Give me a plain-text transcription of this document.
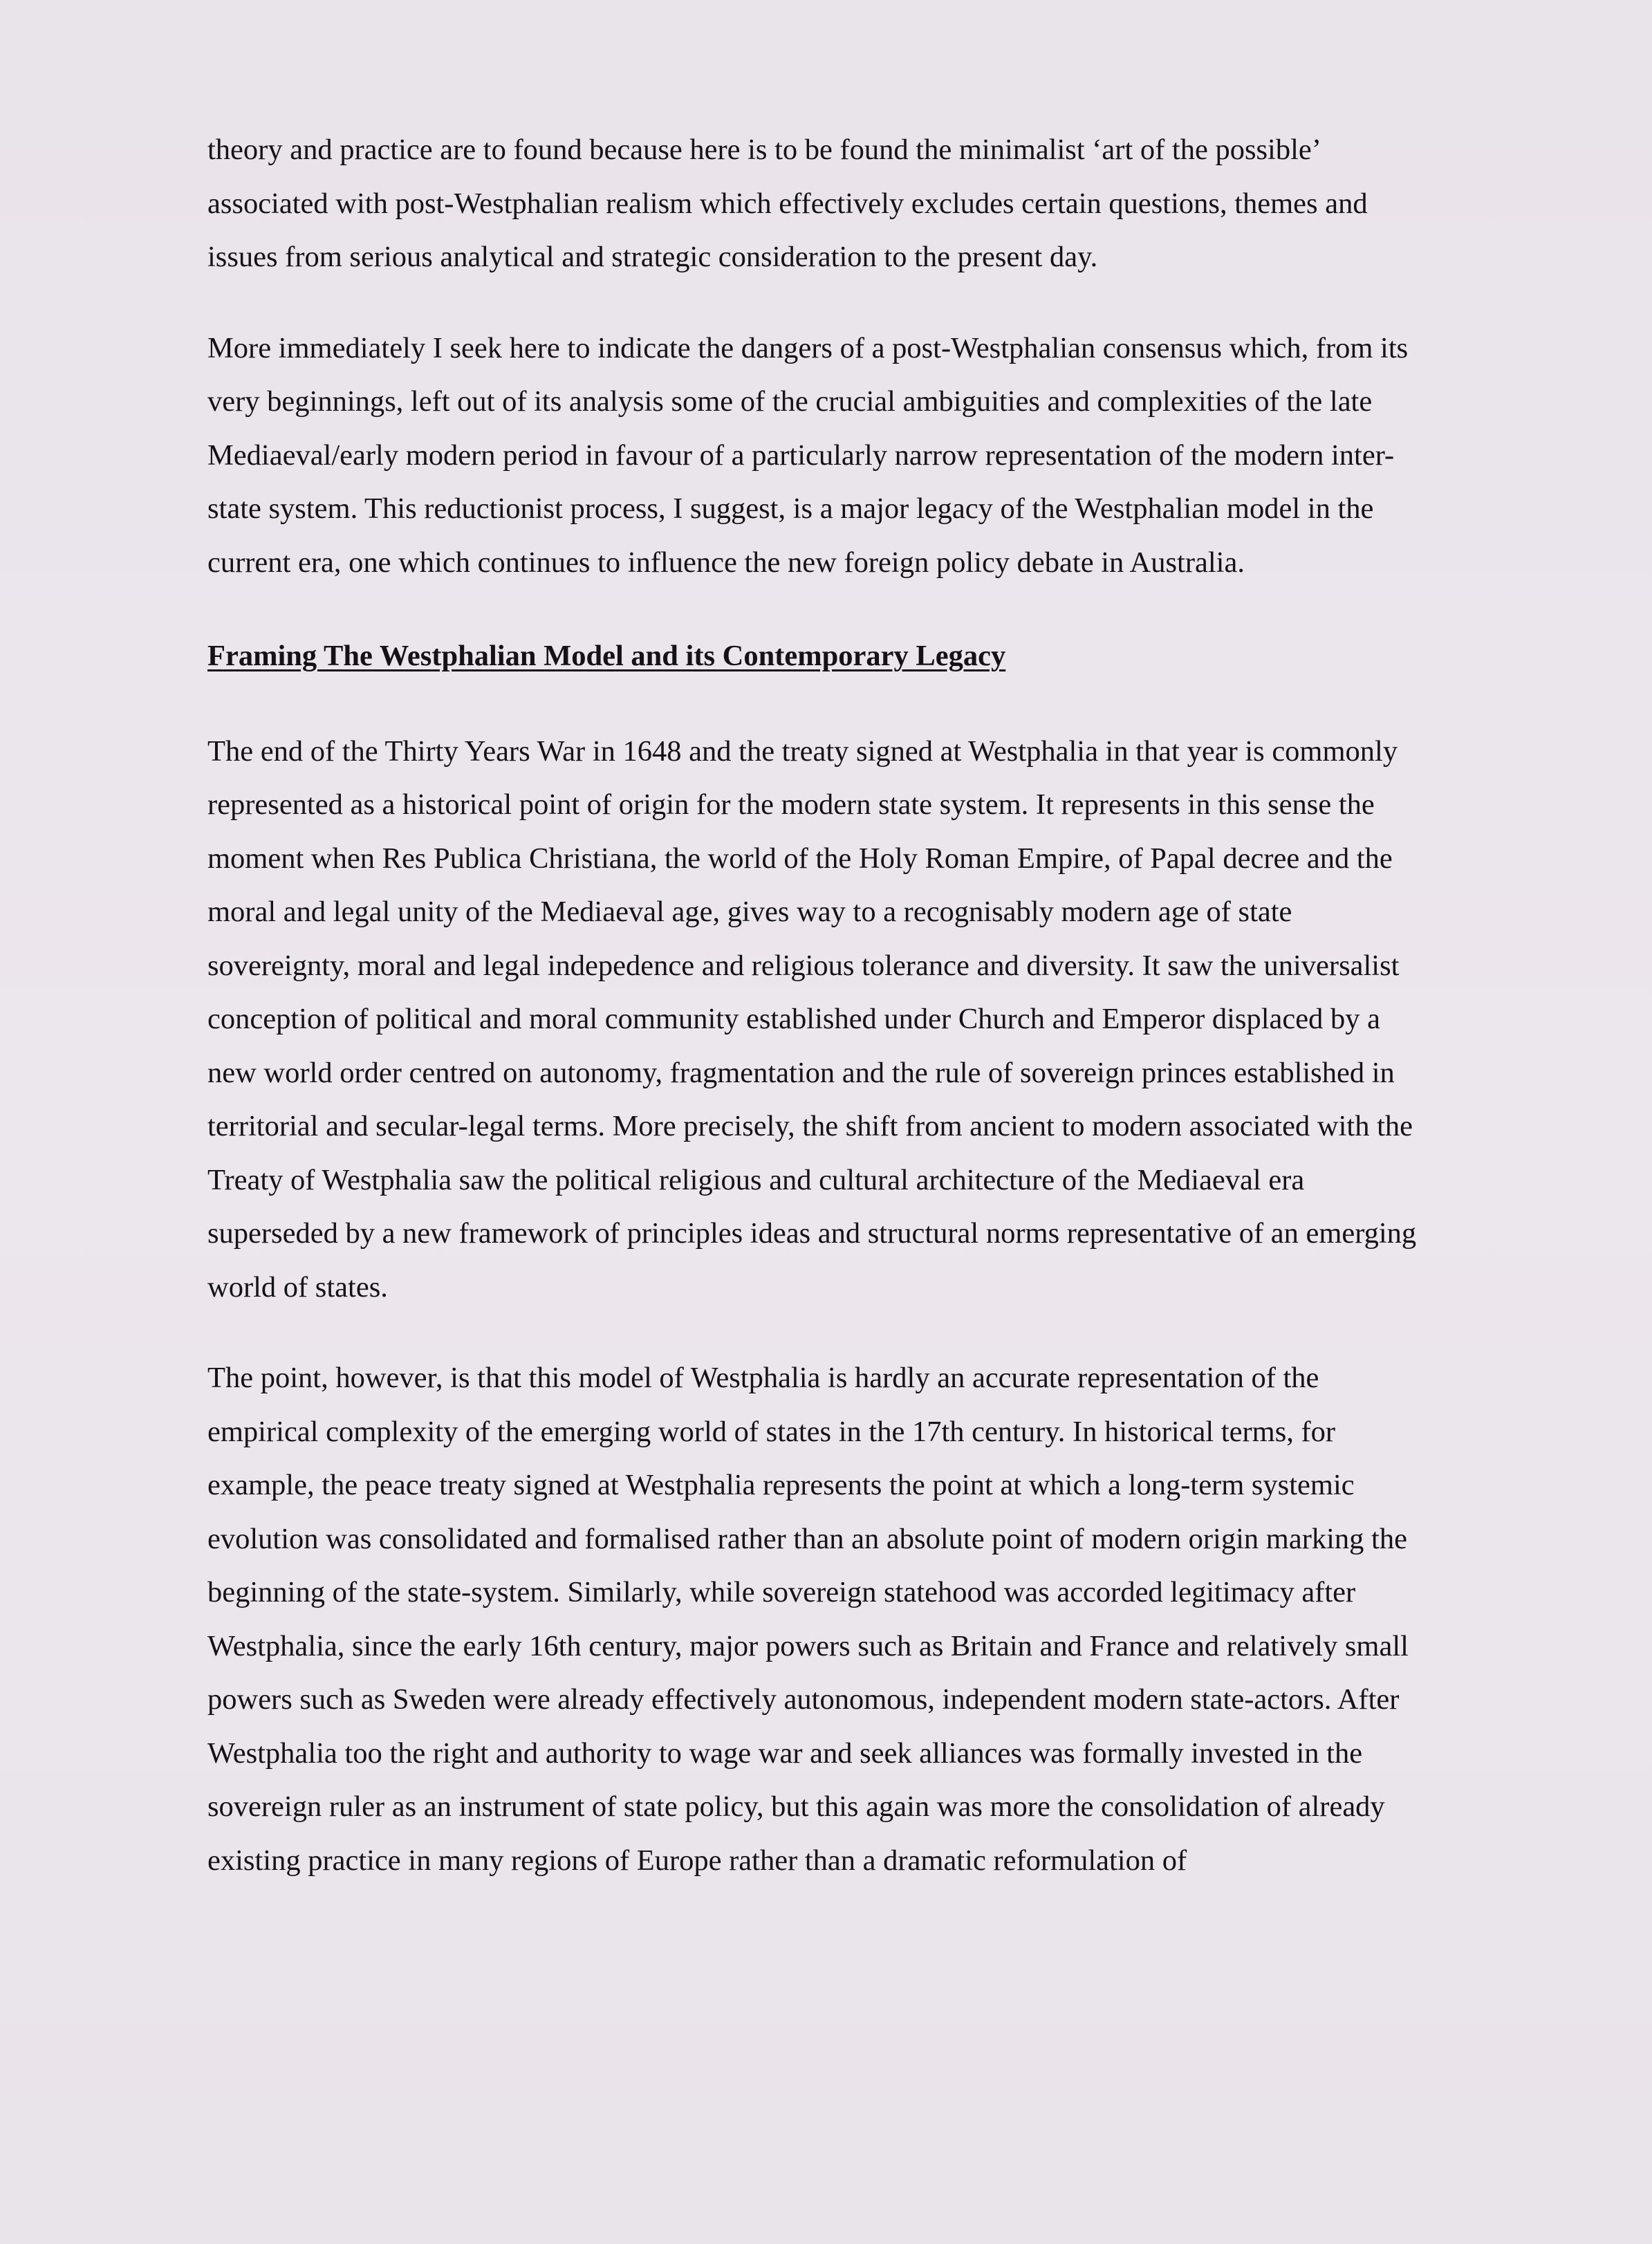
theory and practice are to found because here is to be found the minimalist ‘art of the possible’ associated with post-Westphalian realism which effectively excludes certain questions, themes and issues from serious analytical and strategic consideration to the present day.

More immediately I seek here to indicate the dangers of a post-Westphalian consensus which, from its very beginnings, left out of its analysis some of the crucial ambiguities and complexities of the late Mediaeval/early modern period in favour of a particularly narrow representation of the modern inter-state system. This reductionist process, I suggest, is a major legacy of the Westphalian model in the current era, one which continues to influence the new foreign policy debate in Australia.

Framing The Westphalian Model and its Contemporary Legacy

The end of the Thirty Years War in 1648 and the treaty signed at Westphalia in that year is commonly represented as a historical point of origin for the modern state system. It represents in this sense the moment when Res Publica Christiana, the world of the Holy Roman Empire, of Papal decree and the moral and legal unity of the Mediaeval age, gives way to a recognisably modern age of state sovereignty, moral and legal indepedence and religious tolerance and diversity. It saw the universalist conception of political and moral community established under Church and Emperor displaced by a new world order centred on autonomy, fragmentation and the rule of sovereign princes established in territorial and secular-legal terms. More precisely, the shift from ancient to modern associated with the Treaty of Westphalia saw the political religious and cultural architecture of the Mediaeval era superseded by a new framework of principles ideas and structural norms representative of an emerging world of states.

The point, however, is that this model of Westphalia is hardly an accurate representation of the empirical complexity of the emerging world of states in the 17th century. In historical terms, for example, the peace treaty signed at Westphalia represents the point at which a long-term systemic evolution was consolidated and formalised rather than an absolute point of modern origin marking the beginning of the state-system. Similarly, while sovereign statehood was accorded legitimacy after Westphalia, since the early 16th century, major powers such as Britain and France and relatively small powers such as Sweden were already effectively autonomous, independent modern state-actors. After Westphalia too the right and authority to wage war and seek alliances was formally invested in the sovereign ruler as an instrument of state policy, but this again was more the consolidation of already existing practice in many regions of Europe rather than a dramatic reformulation of
